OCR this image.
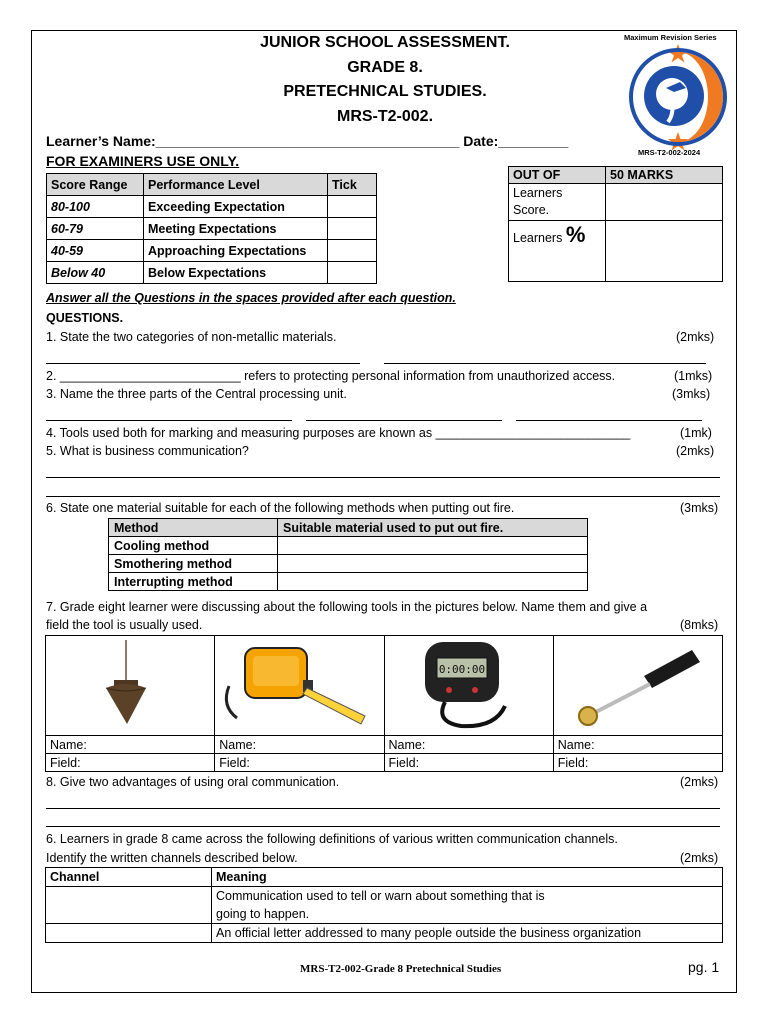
JUNIOR SCHOOL ASSESSMENT.
GRADE 8.
PRETECHNICAL STUDIES.
MRS-T2-002.
Maximum Revision Series
MRS-T2-002-2024
Learner’s Name:_______________________________________ Date:_________
FOR EXAMINERS USE ONLY.
Score Range	Performance Level	Tick
80-100	Exceeding Expectation	
60-79	Meeting Expectations	
40-59	Approaching Expectations	
Below 40	Below Expectations	
OUT OF	50 MARKS
Learners Score.	
Learners %	
Answer all the Questions in the spaces provided after each question.
QUESTIONS.
1. State the two categories of non-metallic materials.	(2mks)
2. __________________________ refers to protecting personal information from unauthorized access.	(1mks)
3. Name the three parts of the Central processing unit.	(3mks)
4. Tools used both for marking and measuring purposes are known as ____________________________	(1mk)
5. What is business communication?	(2mks)
6. State one material suitable for each of the following methods when putting out fire.	(3mks)
Method	Suitable material used to put out fire.
Cooling method	
Smothering method	
Interrupting method	
7. Grade eight learner were discussing about the following tools in the pictures below. Name them and give a
field the tool is usually used.	(8mks)

0:00:00

Name:	Name:	Name:	Name:
Field:	Field:	Field:	Field:
8. Give two advantages of using oral communication.	(2mks)
6. Learners in grade 8 came across the following definitions of various written communication channels.
Identify the written channels described below.	(2mks)
Channel	Meaning

	Communication used to tell or warn about something that is
going to happen.

	An official letter addressed to many people outside the business organization
MRS-T2-002-Grade 8 Pretechnical Studies	pg. 1
